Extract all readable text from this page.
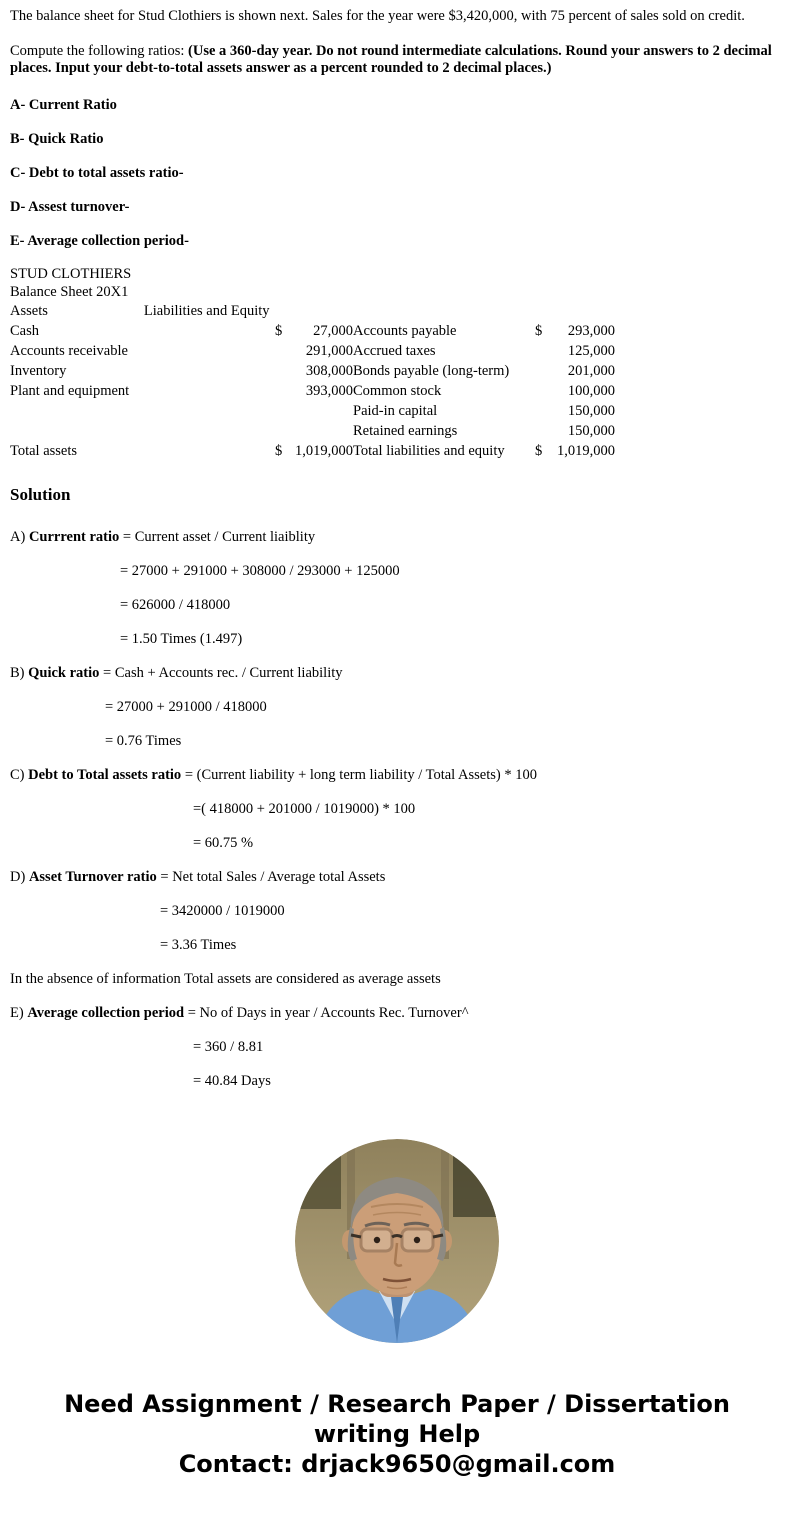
The balance sheet for Stud Clothiers is shown next. Sales for the year were $3,420,000, with 75 percent of sales sold on credit.

Compute the following ratios: (Use a 360-day year. Do not round intermediate calculations. Round your answers to 2 decimal places. Input your debt-to-total assets answer as a percent rounded to 2 decimal places.)

A- Current Ratio

B- Quick Ratio

C- Debt to total assets ratio-

D- Assest turnover-

E- Average collection period-

STUD CLOTHIERS
Balance Sheet 20X1
Assets	Liabilities and Equity
Cash	$ 27,000	Accounts payable	$ 293,000

Accounts receivable	291,000	Accrued taxes	125,000

Inventory	308,000	Bonds payable (long-term)	201,000

Plant and equipment	393,000	Common stock	100,000

	Paid-in capital	150,000

	Retained earnings	150,000

Total assets	$ 1,019,000	Total liabilities and equity	$ 1,019,000
Solution

A) Currrent ratio = Current asset / Current liaiblity

= 27000 + 291000 + 308000 / 293000 + 125000

= 626000 / 418000

= 1.50 Times (1.497)

B) Quick ratio = Cash + Accounts rec. / Current liability

= 27000 + 291000 / 418000

= 0.76 Times

C) Debt to Total assets ratio = (Current liability + long term liability / Total Assets) * 100

=( 418000 + 201000 / 1019000) * 100

= 60.75 %

D) Asset Turnover ratio = Net total Sales / Average total Assets

= 3420000 / 1019000

= 3.36 Times

In the absence of information Total assets are considered as average assets

E) Average collection period = No of Days in year / Accounts Rec. Turnover^

= 360 / 8.81

= 40.84 Days

Need Assignment / Research Paper / Dissertation writing Help
Contact: drjack9650@gmail.com
